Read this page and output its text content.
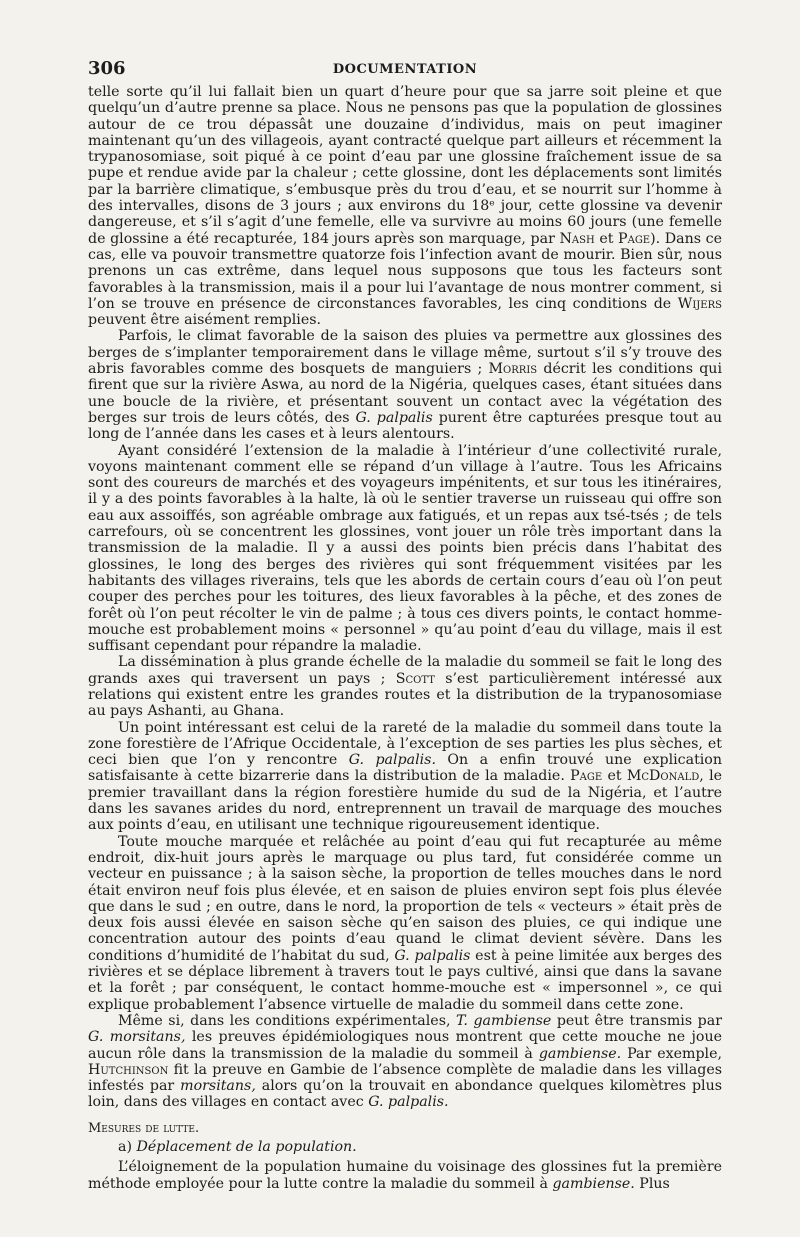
306	DOCUMENTATION

telle sorte qu’il lui fallait bien un quart d’heure pour que sa jarre soit pleine et que quelqu’un d’autre prenne sa place. Nous ne pensons pas que la population de glossines autour de ce trou dépassât une douzaine d’individus, mais on peut imaginer maintenant qu’un des villageois, ayant contracté quelque part ailleurs et récemment la trypanosomiase, soit piqué à ce point d’eau par une glossine fraîchement issue de sa pupe et rendue avide par la chaleur ; cette glossine, dont les déplacements sont limités par la barrière climatique, s’embusque près du trou d’eau, et se nourrit sur l’homme à des intervalles, disons de 3 jours ; aux environs du 18ᵉ jour, cette glossine va devenir dangereuse, et s’il s’agit d’une femelle, elle va survivre au moins 60 jours (une femelle de glossine a été recapturée, 184 jours après son marquage, par Nash et Page). Dans ce cas, elle va pouvoir transmettre quatorze fois l’infection avant de mourir. Bien sûr, nous prenons un cas extrême, dans lequel nous supposons que tous les facteurs sont favorables à la transmission, mais il a pour lui l’avantage de nous montrer comment, si l’on se trouve en présence de circonstances favorables, les cinq conditions de Wijers peuvent être aisément remplies.

Parfois, le climat favorable de la saison des pluies va permettre aux glossines des berges de s’implanter temporairement dans le village même, surtout s’il s’y trouve des abris favorables comme des bosquets de manguiers ; Morris décrit les conditions qui firent que sur la rivière Aswa, au nord de la Nigéria, quelques cases, étant situées dans une boucle de la rivière, et présentant souvent un contact avec la végétation des berges sur trois de leurs côtés, des G. palpalis purent être capturées presque tout au long de l’année dans les cases et à leurs alentours.

Ayant considéré l’extension de la maladie à l’intérieur d’une collectivité rurale, voyons maintenant comment elle se répand d’un village à l’autre. Tous les Africains sont des coureurs de marchés et des voyageurs impénitents, et sur tous les itinéraires, il y a des points favorables à la halte, là où le sentier traverse un ruisseau qui offre son eau aux assoiffés, son agréable ombrage aux fatigués, et un repas aux tsé-tsés ; de tels carrefours, où se concentrent les glossines, vont jouer un rôle très important dans la transmission de la maladie. Il y a aussi des points bien précis dans l’habitat des glossines, le long des berges des rivières qui sont fréquemment visitées par les habitants des villages riverains, tels que les abords de certain cours d’eau où l’on peut couper des perches pour les toitures, des lieux favorables à la pêche, et des zones de forêt où l’on peut récolter le vin de palme ; à tous ces divers points, le contact homme-mouche est probablement moins « personnel » qu’au point d’eau du village, mais il est suffisant cependant pour répandre la maladie.

La dissémination à plus grande échelle de la maladie du sommeil se fait le long des grands axes qui traversent un pays ; Scott s’est particulièrement intéressé aux relations qui existent entre les grandes routes et la distribution de la trypanosomiase au pays Ashanti, au Ghana.

Un point intéressant est celui de la rareté de la maladie du sommeil dans toute la zone forestière de l’Afrique Occidentale, à l’exception de ses parties les plus sèches, et ceci bien que l’on y rencontre G. palpalis. On a enfin trouvé une explication satisfaisante à cette bizarrerie dans la distribution de la maladie. Page et McDonald, le premier travaillant dans la région forestière humide du sud de la Nigéria, et l’autre dans les savanes arides du nord, entreprennent un travail de marquage des mouches aux points d’eau, en utilisant une technique rigoureusement identique.

Toute mouche marquée et relâchée au point d’eau qui fut recapturée au même endroit, dix-huit jours après le marquage ou plus tard, fut considérée comme un vecteur en puissance ; à la saison sèche, la proportion de telles mouches dans le nord était environ neuf fois plus élevée, et en saison de pluies environ sept fois plus élevée que dans le sud ; en outre, dans le nord, la proportion de tels « vecteurs » était près de deux fois aussi élevée en saison sèche qu’en saison des pluies, ce qui indique une concentration autour des points d’eau quand le climat devient sévère. Dans les conditions d’humidité de l’habitat du sud, G. palpalis est à peine limitée aux berges des rivières et se déplace librement à travers tout le pays cultivé, ainsi que dans la savane et la forêt ; par conséquent, le contact homme-mouche est « impersonnel », ce qui explique probablement l’absence virtuelle de maladie du sommeil dans cette zone.

Même si, dans les conditions expérimentales, T. gambiense peut être transmis par G. morsitans, les preuves épidémiologiques nous montrent que cette mouche ne joue aucun rôle dans la transmission de la maladie du sommeil à gambiense. Par exemple, Hutchinson fit la preuve en Gambie de l’absence complète de maladie dans les villages infestés par morsitans, alors qu’on la trouvait en abondance quelques kilomètres plus loin, dans des villages en contact avec G. palpalis.

Mesures de lutte.
a) Déplacement de la population.

L’éloignement de la population humaine du voisinage des glossines fut la première méthode employée pour la lutte contre la maladie du sommeil à gambiense. Plus
